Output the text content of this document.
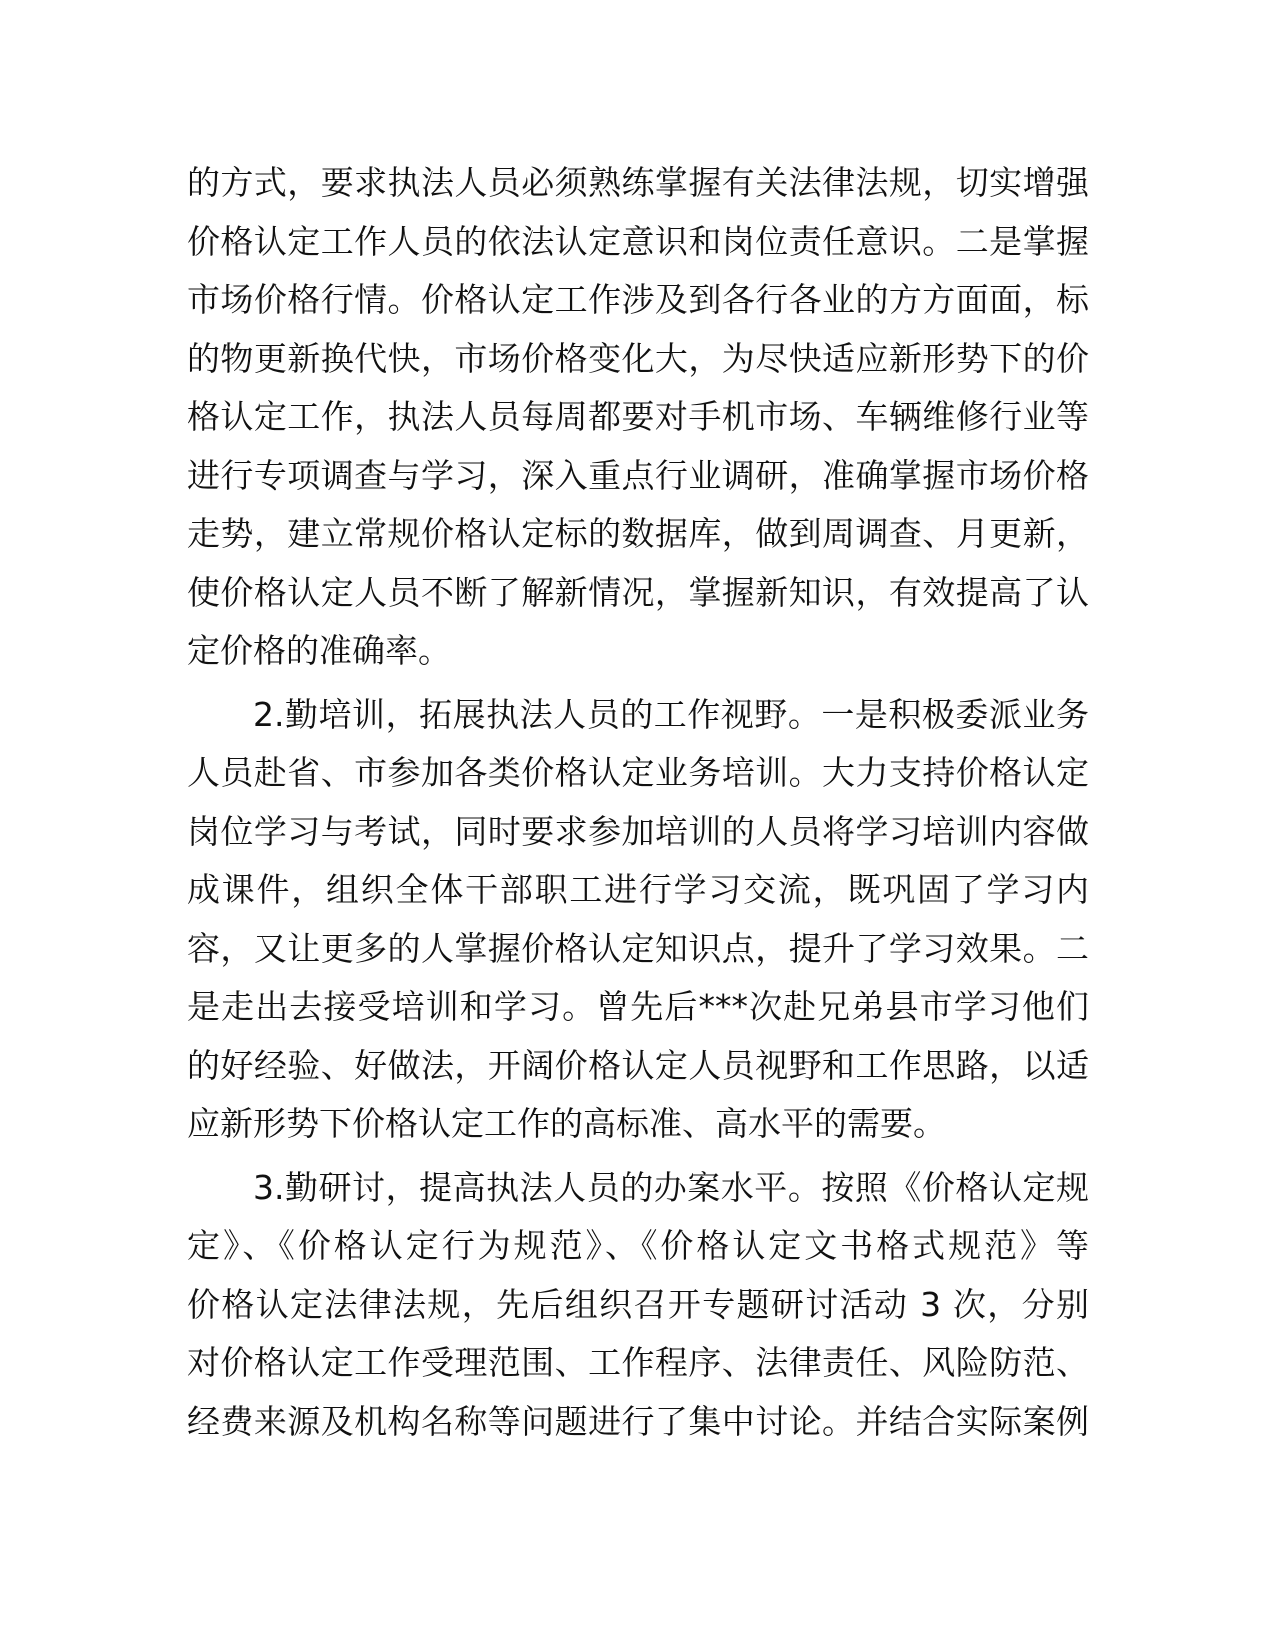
的方式，要求执法人员必须熟练掌握有关法律法规，切实增强
价格认定工作人员的依法认定意识和岗位责任意识。二是掌握
市场价格行情。价格认定工作涉及到各行各业的方方面面，标
的物更新换代快，市场价格变化大，为尽快适应新形势下的价
格认定工作，执法人员每周都要对手机市场、车辆维修行业等
进行专项调查与学习，深入重点行业调研，准确掌握市场价格
走势，建立常规价格认定标的数据库，做到周调查、月更新，
使价格认定人员不断了解新情况，掌握新知识，有效提高了认
定价格的准确率。
2.勤培训，拓展执法人员的工作视野。一是积极委派业务
人员赴省、市参加各类价格认定业务培训。大力支持价格认定
岗位学习与考试，同时要求参加培训的人员将学习培训内容做
成课件，组织全体干部职工进行学习交流，既巩固了学习内
容，又让更多的人掌握价格认定知识点，提升了学习效果。二
是走出去接受培训和学习。曾先后***次赴兄弟县市学习他们
的好经验、好做法，开阔价格认定人员视野和工作思路，以适
应新形势下价格认定工作的高标准、高水平的需要。
3.勤研讨，提高执法人员的办案水平。按照《价格认定规
定》、《价格认定行为规范》、《价格认定文书格式规范》等
价格认定法律法规，先后组织召开专题研讨活动 3 次，分别
对价格认定工作受理范围、工作程序、法律责任、风险防范、
经费来源及机构名称等问题进行了集中讨论。并结合实际案例
